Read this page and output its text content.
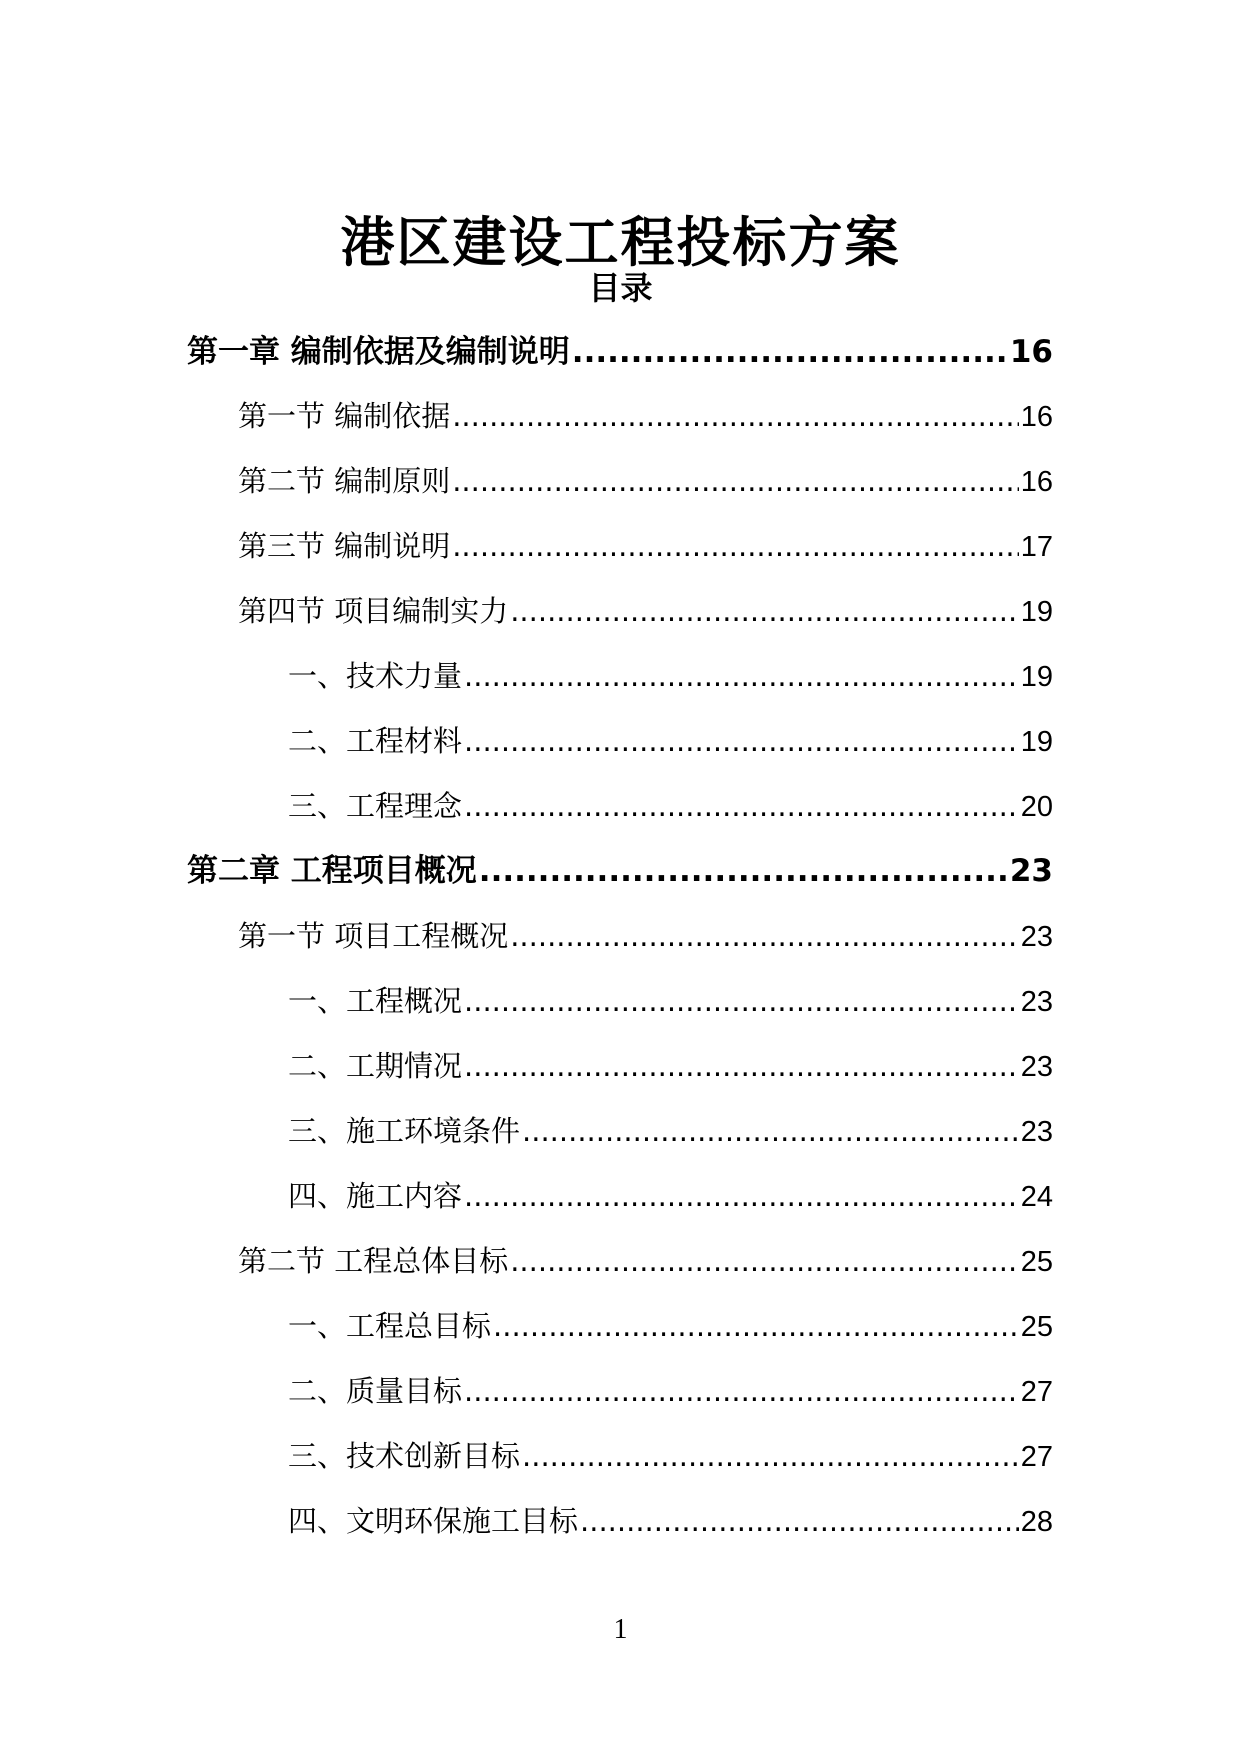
港区建设工程投标方案
目录
第一章 编制依据及编制说明 .....	16
第一节 编制依据 .....	16
第二节 编制原则 .....	16
第三节 编制说明 .....	17
第四节 项目编制实力 .....	19
一、技术力量 .....	19
二、工程材料 .....	19
三、工程理念 .....	20
第二章 工程项目概况 .....	23
第一节 项目工程概况 .....	23
一、工程概况 .....	23
二、工期情况 .....	23
三、施工环境条件 .....	23
四、施工内容 .....	24
第二节 工程总体目标 .....	25
一、工程总目标 .....	25
二、质量目标 .....	27
三、技术创新目标 .....	27
四、文明环保施工目标 .....	28
1
